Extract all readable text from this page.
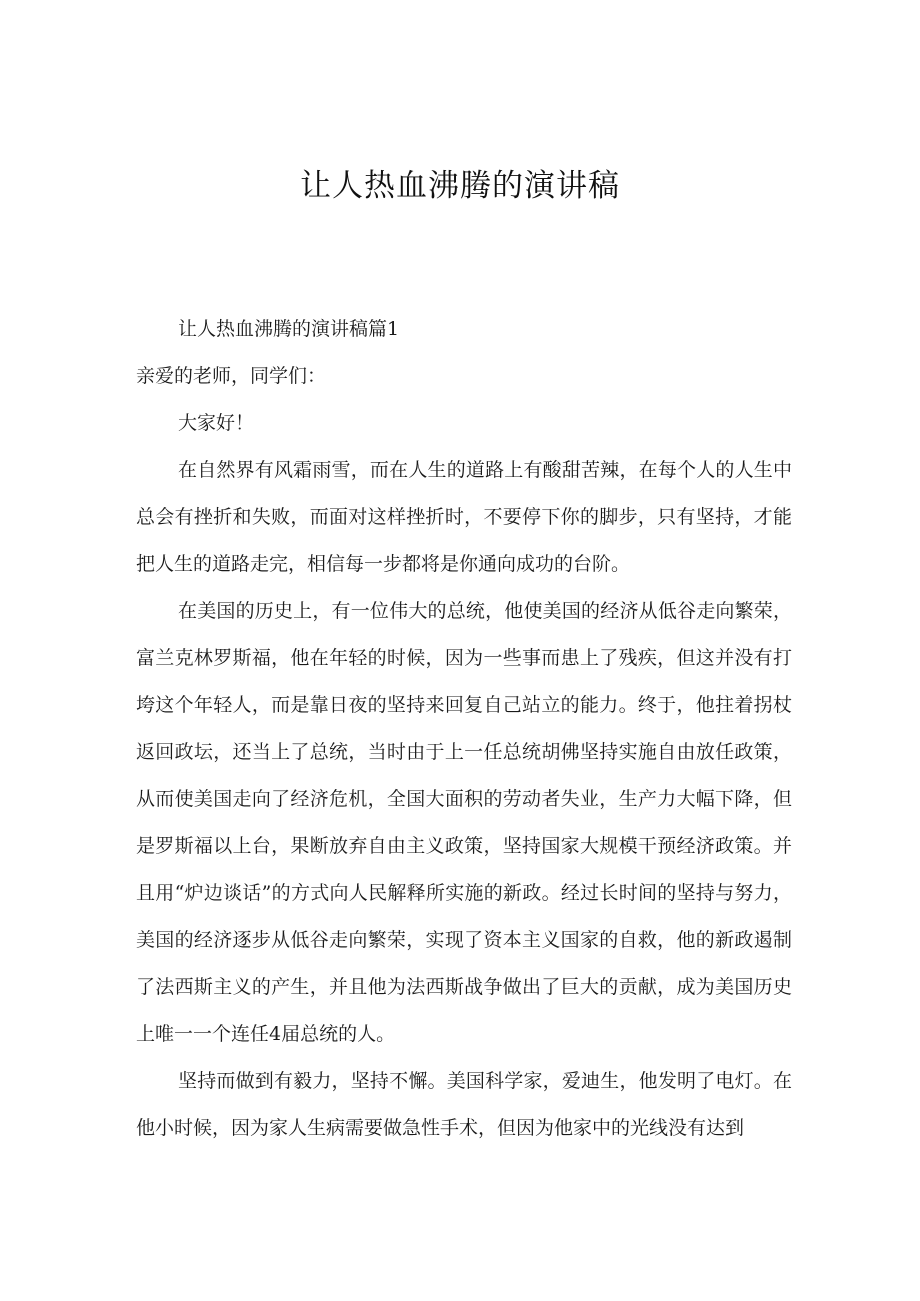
让人热血沸腾的演讲稿

让人热血沸腾的演讲稿篇1

亲爱的老师，同学们：

大家好！

在自然界有风霜雨雪，而在人生的道路上有酸甜苦辣，在每个人的人生中总会有挫折和失败，而面对这样挫折时，不要停下你的脚步，只有坚持，才能把人生的道路走完，相信每一步都将是你通向成功的台阶。

在美国的历史上，有一位伟大的总统，他使美国的经济从低谷走向繁荣，富兰克林罗斯福，他在年轻的时候，因为一些事而患上了残疾，但这并没有打垮这个年轻人，而是靠日夜的坚持来回复自己站立的能力。终于，他拄着拐杖返回政坛，还当上了总统，当时由于上一任总统胡佛坚持实施自由放任政策，从而使美国走向了经济危机，全国大面积的劳动者失业，生产力大幅下降，但是罗斯福以上台，果断放弃自由主义政策，坚持国家大规模干预经济政策。并且用“炉边谈话”的方式向人民解释所实施的新政。经过长时间的坚持与努力，美国的经济逐步从低谷走向繁荣，实现了资本主义国家的自救，他的新政遏制了法西斯主义的产生，并且他为法西斯战争做出了巨大的贡献，成为美国历史上唯一一个连任4届总统的人。

坚持而做到有毅力，坚持不懈。美国科学家，爱迪生，他发明了电灯。在他小时候，因为家人生病需要做急性手术，但因为他家中的光线没有达到
